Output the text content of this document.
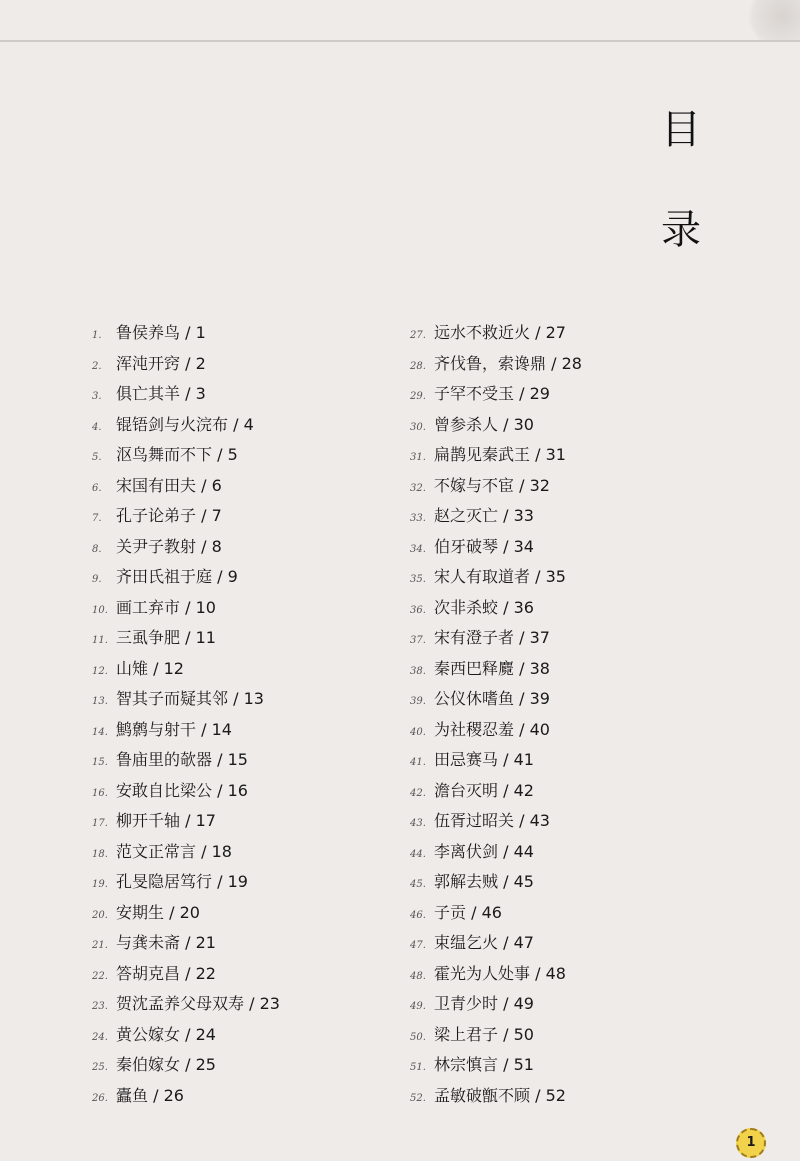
目
录
1. 鲁侯养鸟 / 1
2. 浑沌开窍 / 2
3. 俱亡其羊 / 3
4. 锟铻剑与火浣布 / 4
5. 沤鸟舞而不下 / 5
6. 宋国有田夫 / 6
7. 孔子论弟子 / 7
8. 关尹子教射 / 8
9. 齐田氏祖于庭 / 9
10. 画工弃市 / 10
11. 三虱争肥 / 11
12. 山雉 / 12
13. 智其子而疑其邻 / 13
14. 鹪鹩与射干 / 14
15. 鲁庙里的欹器 / 15
16. 安敢自比梁公 / 16
17. 柳开千轴 / 17
18. 范文正常言 / 18
19. 孔旻隐居笃行 / 19
20. 安期生 / 20
21. 与龚未斋 / 21
22. 答胡克昌 / 22
23. 贺沈孟养父母双寿 / 23
24. 黄公嫁女 / 24
25. 秦伯嫁女 / 25
26. 蠹鱼 / 26
27. 远水不救近火 / 27
28. 齐伐鲁，索谗鼎 / 28
29. 子罕不受玉 / 29
30. 曾参杀人 / 30
31. 扁鹊见秦武王 / 31
32. 不嫁与不宦 / 32
33. 赵之灭亡 / 33
34. 伯牙破琴 / 34
35. 宋人有取道者 / 35
36. 次非杀蛟 / 36
37. 宋有澄子者 / 37
38. 秦西巴释麑 / 38
39. 公仪休嗜鱼 / 39
40. 为社稷忍羞 / 40
41. 田忌赛马 / 41
42. 澹台灭明 / 42
43. 伍胥过昭关 / 43
44. 李离伏剑 / 44
45. 郭解去贼 / 45
46. 子贡 / 46
47. 束缊乞火 / 47
48. 霍光为人处事 / 48
49. 卫青少时 / 49
50. 梁上君子 / 50
51. 林宗慎言 / 51
52. 孟敏破甑不顾 / 52
1
